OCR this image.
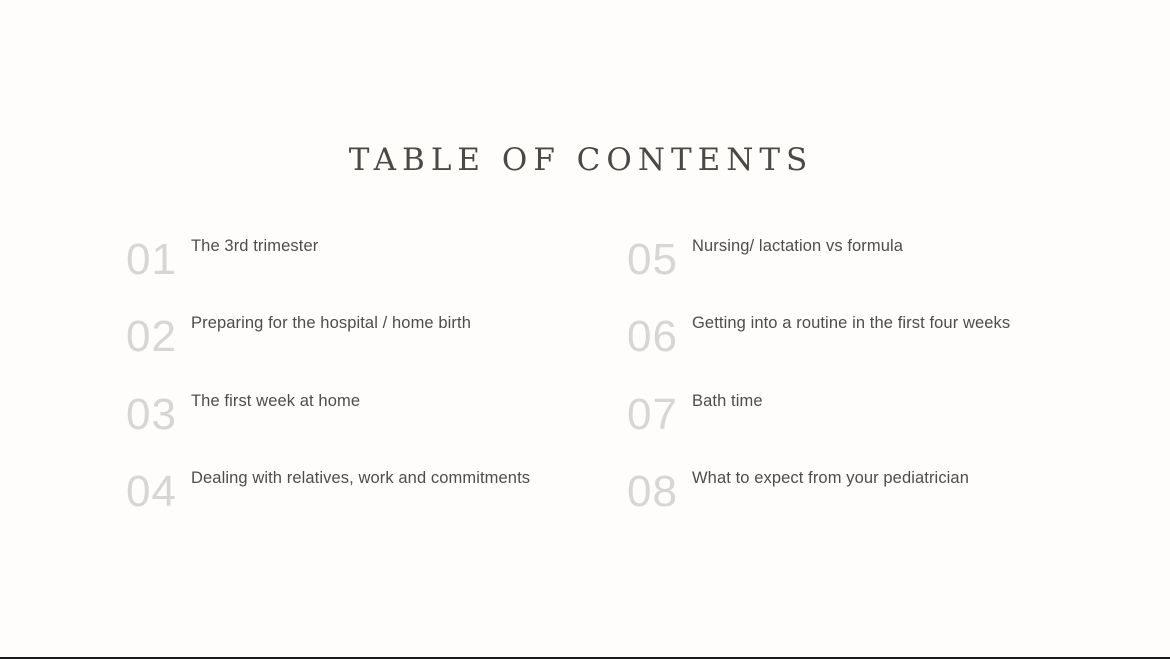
TABLE OF CONTENTS
01 The 3rd trimester
02 Preparing for the hospital / home birth
03 The first week at home
04 Dealing with relatives, work and commitments
05 Nursing/ lactation vs formula
06 Getting into a routine in the first four weeks
07 Bath time
08 What to expect from your pediatrician
